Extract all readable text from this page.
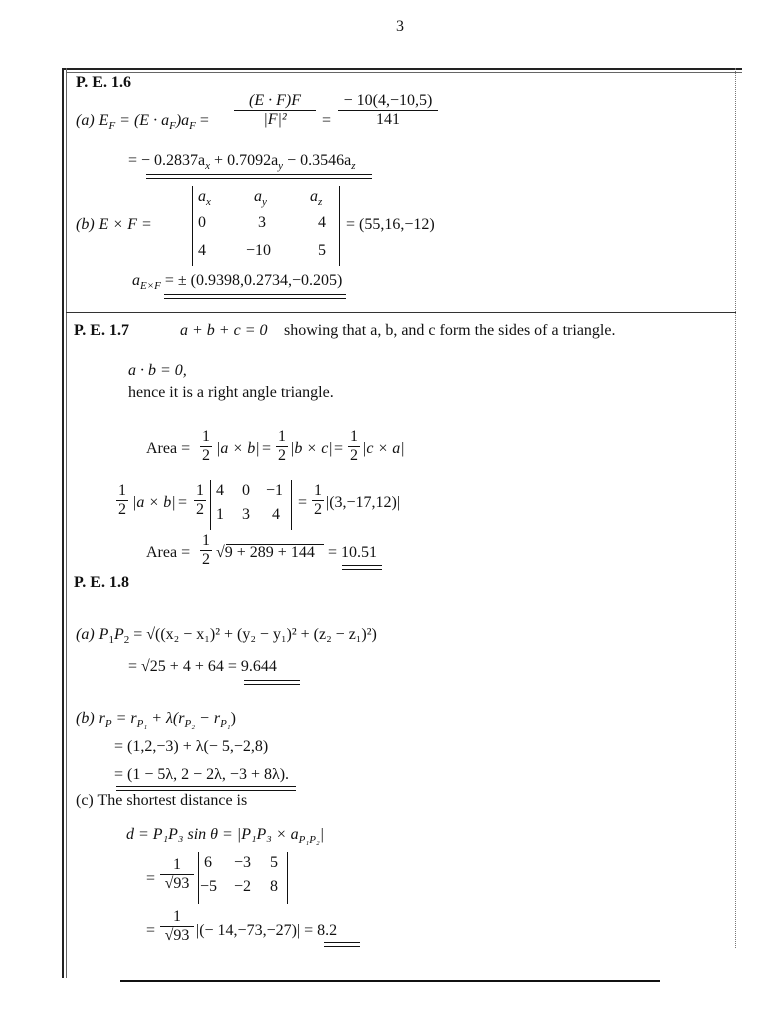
3
P. E. 1.6
(a) $E_F = (E \cdot a_F)a_F = \frac{(E \cdot F)F}{\text{|F|²}} = \frac{- 10(4,-10,5)}{141}$
= − $0.2837a_x + 0.7092a_y - 0.3546a_z$
(b) E × F =
$a_x$	$a_y$	$a_z$
0	3	4
4	−10	5
= (55,16,−12)
$a_{E\times F}$ = ± (0.9398,0.2734,−0.205)
P. E. 1.7	a + b + c = 0 showing that a, b, and c form the sides of a triangle.
a · b = 0,
hence it is a right angle triangle.
Area = $\frac{1}{2} |a \times b| = \frac{1}{2} |b \times c| = \frac{1}{2} |c \times a|$
$\frac{1}{2} |a \times b| = \frac{1}{2} 4$ 0 −1
1 3 4
= $\frac{1}{2} |(3,-17,12)|$
Area = $\frac{1}{2} √9 + 289 + 144 = 10.51$
P. E. 1.8
(a) $P_1P_2 = √((x_2 - x_1)^2 + (y_2 - y_1)^2 + (z_2 - z_1)^2)$
= √25 + 4 + 64 = 9.644
(b) $r_P = r_{P_1} + \lambda(r_{P_2} - r_{P_1})$
= (1,2,−3) + λ(− 5,−2,8)
= (1 − 5λ, 2 − 2λ, −3 + 8λ).
(c) The shortest distance is
d = P₁P₃ $\sin \theta = |P_1P_3 \times a_{P_1P_2}|$
= $\frac{1}{√93} 6 -3$ 5
−5 −2 8
= $\frac{1}{√93}$ |(− 14,−73,−27)| = 8.2
